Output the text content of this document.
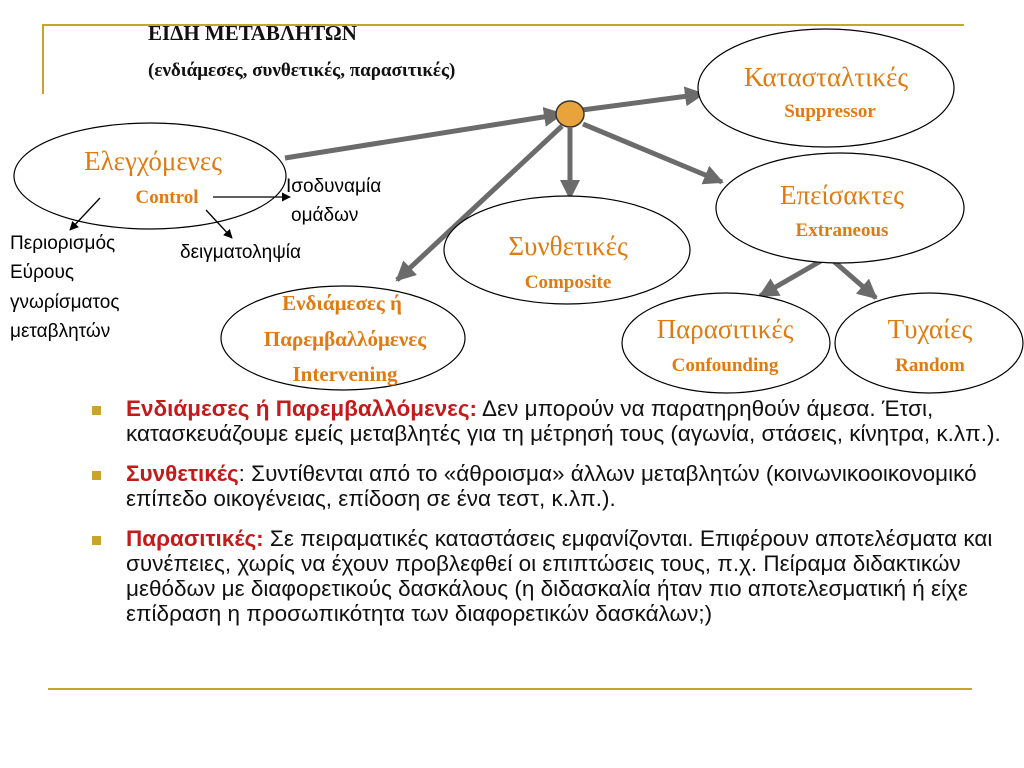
ΕΙΔΗ ΜΕΤΑΒΛΗΤΩΝ

(ενδιάμεσες, συνθετικές, παρασιτικές)

Ελεγχόμενες
Control
Κατασταλτικές
Suppressor
Επείσακτες
Extraneous
Συνθετικές
Composite
Ενδιάμεσες ή
Παρεμβαλλόμενες
Intervening
Παρασιτικές
Confounding
Τυχαίες
Random
Ισοδυναμία
ομάδων
δειγματοληψία
Περιορισμός
Εύρους
γνωρίσματος
μεταβλητών
Ενδιάμεσες ή Παρεμβαλλόμενες: Δεν μπορούν να παρατηρηθούν άμεσα. Έτσι, κατασκευάζουμε εμείς μεταβλητές για τη μέτρησή τους (αγωνία, στάσεις, κίνητρα, κ.λπ.).
Συνθετικές: Συντίθενται από το «άθροισμα» άλλων μεταβλητών (κοινωνικοοικονομικό επίπεδο οικογένειας, επίδοση σε ένα τεστ, κ.λπ.).
Παρασιτικές: Σε πειραματικές καταστάσεις εμφανίζονται. Επιφέρουν αποτελέσματα και συνέπειες, χωρίς να έχουν προβλεφθεί οι επιπτώσεις τους, π.χ. Πείραμα διδακτικών μεθόδων με διαφορετικούς δασκάλους (η διδασκαλία ήταν πιο αποτελεσματική ή είχε επίδραση η προσωπικότητα των διαφορετικών δασκάλων;)
